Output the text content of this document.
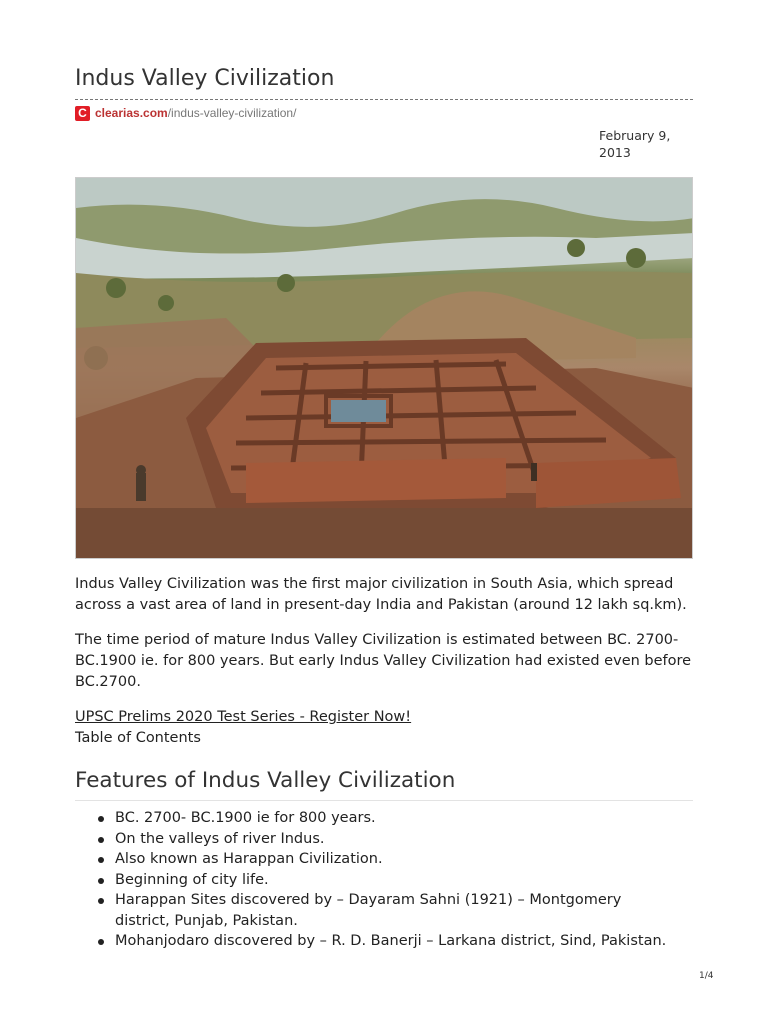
Indus Valley Civilization
C clearias.com /indus-valley-civilization/
February 9,
2013

Indus Valley Civilization was the first major civilization in South Asia, which spread across a vast area of land in present-day India and Pakistan (around 12 lakh sq.km).

The time period of mature Indus Valley Civilization is estimated between BC. 2700-BC.1900 ie. for 800 years. But early Indus Valley Civilization had existed even before BC.2700.

UPSC Prelims 2020 Test Series - Register Now!
Table of Contents
Features of Indus Valley Civilization
BC. 2700- BC.1900 ie for 800 years.
On the valleys of river Indus.
Also known as Harappan Civilization.
Beginning of city life.
Harappan Sites discovered by – Dayaram Sahni (1921) – Montgomery district, Punjab, Pakistan.
Mohanjodaro discovered by – R. D. Banerji – Larkana district, Sind, Pakistan.
1/4
